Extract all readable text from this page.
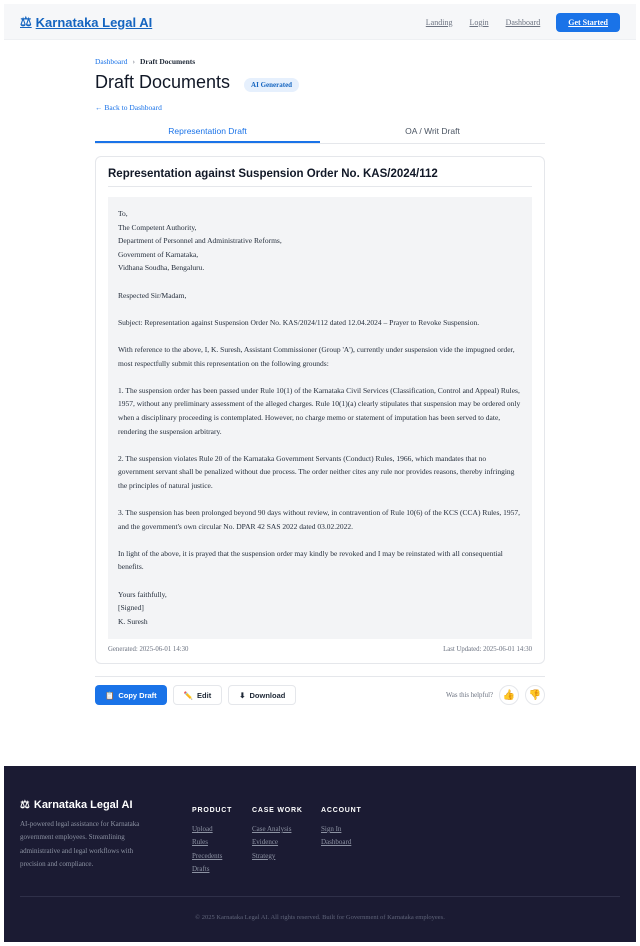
⚖ Karnataka Legal AI	Landing Login Dashboard	Get Started
Dashboard › Draft Documents
Draft Documents	AI Generated
← Back to Dashboard
Representation Draft	OA / Writ Draft
Representation against Suspension Order No. KAS/2024/112

To,
The Competent Authority,
Department of Personnel and Administrative Reforms,
Government of Karnataka,
Vidhana Soudha, Bengaluru.

Respected Sir/Madam,

Subject: Representation against Suspension Order No. KAS/2024/112 dated 12.04.2024 – Prayer to Revoke Suspension.

With reference to the above, I, K. Suresh, Assistant Commissioner (Group 'A'), currently under suspension vide the impugned order, most respectfully submit this representation on the following grounds:

1. The suspension order has been passed under Rule 10(1) of the Karnataka Civil Services (Classification, Control and Appeal) Rules, 1957, without any preliminary assessment of the alleged charges. Rule 10(1)(a) clearly stipulates that suspension may be ordered only when a disciplinary proceeding is contemplated. However, no charge memo or statement of imputation has been served to date, rendering the suspension arbitrary.

2. The suspension violates Rule 20 of the Karnataka Government Servants (Conduct) Rules, 1966, which mandates that no government servant shall be penalized without due process. The order neither cites any rule nor provides reasons, thereby infringing the principles of natural justice.

3. The suspension has been prolonged beyond 90 days without review, in contravention of Rule 10(6) of the KCS (CCA) Rules, 1957, and the government's own circular No. DPAR 42 SAS 2022 dated 03.02.2022.

In light of the above, it is prayed that the suspension order may kindly be revoked and I may be reinstated with all consequential benefits.

Yours faithfully,
[Signed]
K. Suresh

Generated: 2025-06-01 14:30	Last Updated: 2025-06-01 14:30
📋 Copy Draft	✏️ Edit	⬇ Download	Was this helpful? 👍	👎
⚖ Karnataka Legal AI

AI-powered legal assistance for Karnataka government employees. Streamlining administrative and legal workflows with precision and compliance.

PRODUCT
Upload
Rules
Precedents
Drafts
CASE WORK
Case Analysis
Evidence
Strategy
ACCOUNT
Sign In
Dashboard

© 2025 Karnataka Legal AI. All rights reserved. Built for Government of Karnataka employees.
